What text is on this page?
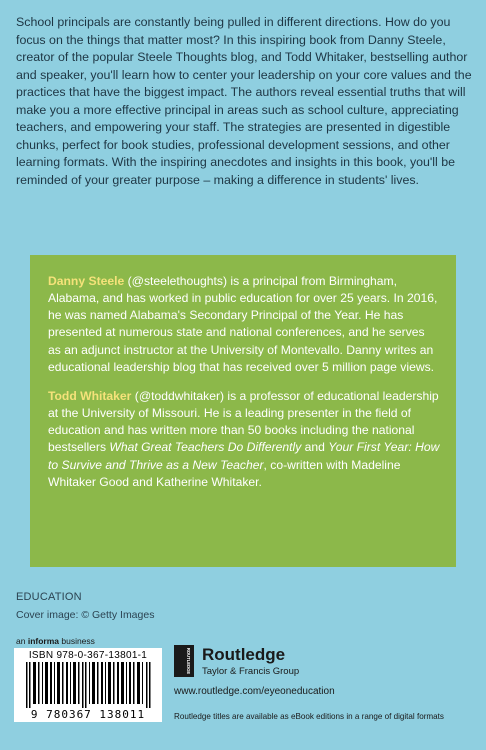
School principals are constantly being pulled in different directions. How do you focus on the things that matter most? In this inspiring book from Danny Steele, creator of the popular Steele Thoughts blog, and Todd Whitaker, bestselling author and speaker, you'll learn how to center your leadership on your core values and the practices that have the biggest impact. The authors reveal essential truths that will make you a more effective principal in areas such as school culture, appreciating teachers, and empowering your staff. The strategies are presented in digestible chunks, perfect for book studies, professional development sessions, and other learning formats. With the inspiring anecdotes and insights in this book, you'll be reminded of your greater purpose – making a difference in students' lives.

Danny Steele (@steelethoughts) is a principal from Birmingham, Alabama, and has worked in public education for over 25 years. In 2016, he was named Alabama's Secondary Principal of the Year. He has presented at numerous state and national conferences, and he serves as an adjunct instructor at the University of Montevallo. Danny writes an educational leadership blog that has received over 5 million page views.

Todd Whitaker (@toddwhitaker) is a professor of educational leadership at the University of Missouri. He is a leading presenter in the field of education and has written more than 50 books including the national bestsellers What Great Teachers Do Differently and Your First Year: How to Survive and Thrive as a New Teacher, co-written with Madeline Whitaker Good and Katherine Whitaker.

EDUCATION
Cover image: © Getty Images
an informa business
ISBN 978-0-367-13801-1
9 780367 138011
ROUTLEDGE Routledge
Taylor & Francis Group
www.routledge.com/eyeoneducation
Routledge titles are available as eBook editions in a range of digital formats
